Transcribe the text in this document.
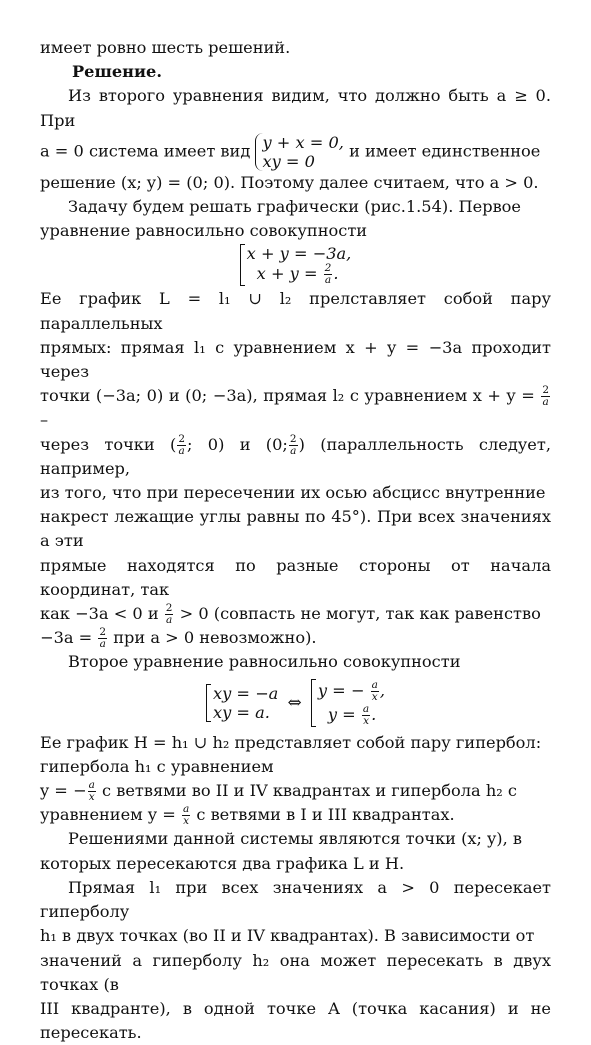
имеет ровно шесть решений.

Решение.

Из второго уравнения видим, что должно быть a ≥ 0. При

a = 0 система имеет вид y + x = 0,
xy = 0
и имеет единственное

решение (x; y) = (0; 0). Поэтому далее считаем, что a > 0.

Задачу будем решать графически (рис.1.54). Первое

уравнение равносильно совокупности

x + y = −3a,
$x + y = \frac{2}{a}$ .

Ее график L = l₁ ∪ l₂ прелставляет собой пару параллельных

прямых: прямая l₁ с уравнением x + y = −3a проходит через

точки (−3a; 0) и (0; −3a), прямая l₂ с уравнением $x + y = \frac{2}{a}$
–

через точки ( $\frac{2}{a}$ ; 0) и (0; $\frac{2}{a}$ ) (параллельность следует, например,

из того, что при пересечении их осью абсцисс внутренние

накрест лежащие углы равны по 45°). При всех значениях a эти

прямые находятся по разные стороны от начала координат, так

как −3a < 0 и $\frac{2}{a} > 0$ (совпасть не могут, так как равенство

$-3a = \frac{2}{a}$ при a > 0 невозможно).

Второе уравнение равносильно совокупности

xy = −a
xy = a.	⇔
y = − $\frac{a}{x}$ ,
$y = \frac{a}{x}$ .

Ее график H = h₁ ∪ h₂ представляет собой пару гипербол:

гипербола h₁ с уравнением

y = − $\frac{a}{x}$ с ветвями во II и IV квадрантах и гипербола h₂ с

уравнением $y = \frac{a}{x}$ с ветвями в I и III квадрантах.

Решениями данной системы являются точки (x; y), в

которых пересекаются два графика L и H.

Прямая l₁ при всех значениях a > 0 пересекает гиперболу

h₁ в двух точках (во II и IV квадрантах). В зависимости от

значений a гиперболу h₂ она может пересекать в двух точках (в

III квадранте), в одной точке A (точка касания) и не пересекать.
